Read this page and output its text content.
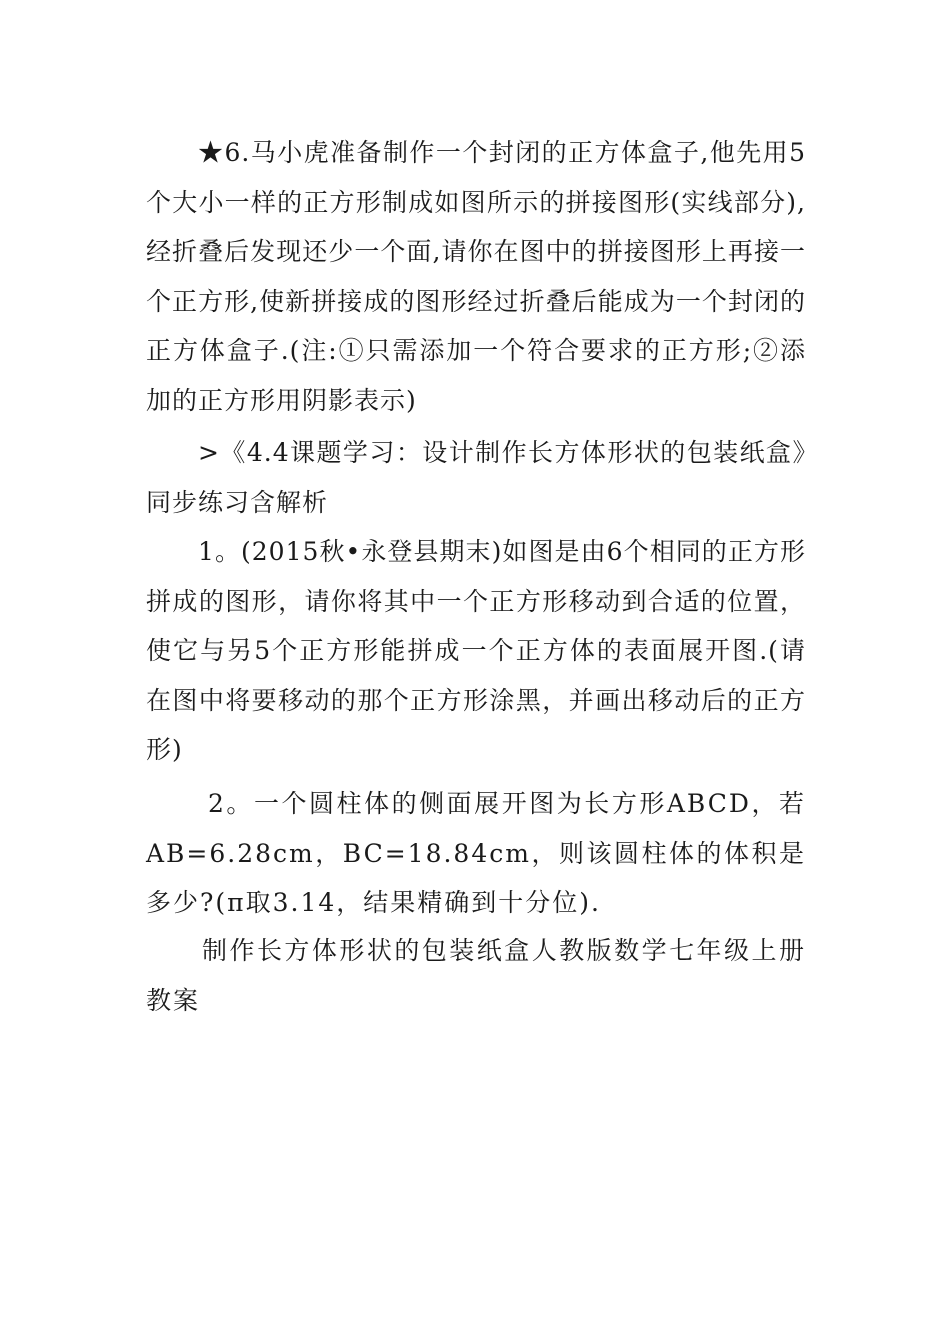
★6.马小虎准备制作一个封闭的正方体盒子,他先用5个大小一样的正方形制成如图所示的拼接图形(实线部分),经折叠后发现还少一个面,请你在图中的拼接图形上再接一个正方形,使新拼接成的图形经过折叠后能成为一个封闭的正方体盒子.(注:①只需添加一个符合要求的正方形;②添加的正方形用阴影表示)

>《4.4课题学习：设计制作长方体形状的包装纸盒》同步练习含解析

1。(2015秋•永登县期末)如图是由6个相同的正方形拼成的图形，请你将其中一个正方形移动到合适的位置，使它与另5个正方形能拼成一个正方体的表面展开图.(请在图中将要移动的那个正方形涂黑，并画出移动后的正方形)

2。一个圆柱体的侧面展开图为长方形ABCD，若AB=6.28cm，BC=18.84cm，则该圆柱体的体积是多少?(π取3.14，结果精确到十分位).

制作长方体形状的包装纸盒人教版数学七年级上册教案
